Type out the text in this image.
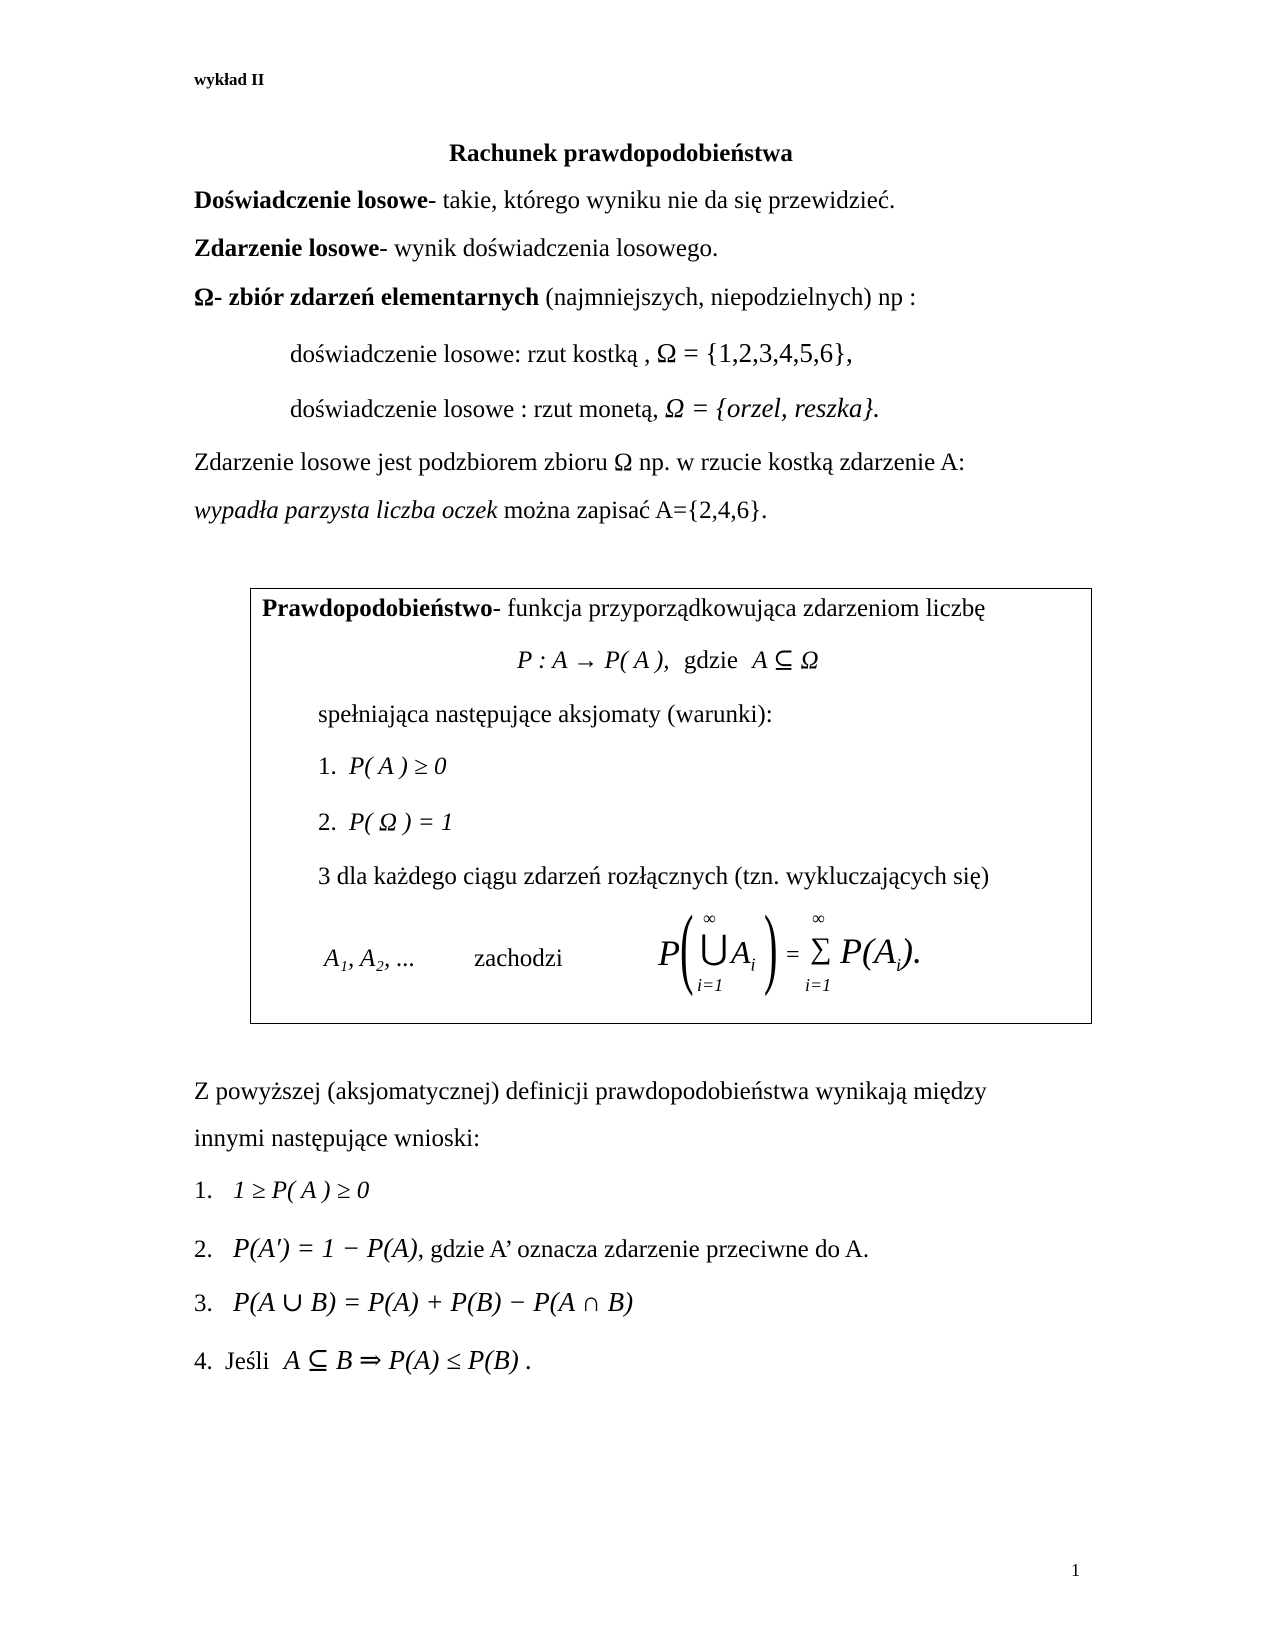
wykład II
Rachunek prawdopodobieństwa
Doświadczenie losowe- takie, którego wyniku nie da się przewidzieć.
Zdarzenie losowe- wynik doświadczenia losowego.
Ω- zbiór zdarzeń elementarnych (najmniejszych, niepodzielnych) np :
doświadczenie losowe: rzut kostką , Ω = {1,2,3,4,5,6},
doświadczenie losowe : rzut monetą, Ω = {orzel, reszka}.
Zdarzenie losowe jest podzbiorem zbioru Ω np. w rzucie kostką zdarzenie A:
wypadła parzysta liczba oczek można zapisać A={2,4,6}.
Prawdopodobieństwo- funkcja przyporządkowująca zdarzeniom liczbę
P : A → P( A ), gdzie A ⊆ Ω
spełniająca następujące aksjomaty (warunki):
1. P( A ) ≥ 0
2. P( Ω ) = 1
3 dla każdego ciągu zdarzeń rozłącznych (tzn. wykluczających się)
A₁, A₂, ... zachodzi	P ( ∞
⋃ $A_i$
i=1 ) =
∞
∑
i=1
$P(A_i)$.
Z powyższej (aksjomatycznej) definicji prawdopodobieństwa wynikają między
innymi następujące wnioski:
1. 1 ≥ P( A ) ≥ 0
2. P(A′) = 1 − P(A), gdzie A’ oznacza zdarzenie przeciwne do A.
3. P(A ∪ B) = P(A) + P(B) − P(A ∩ B)
4. Jeśli A ⊆ B ⇒ P(A) ≤ P(B) .
1
